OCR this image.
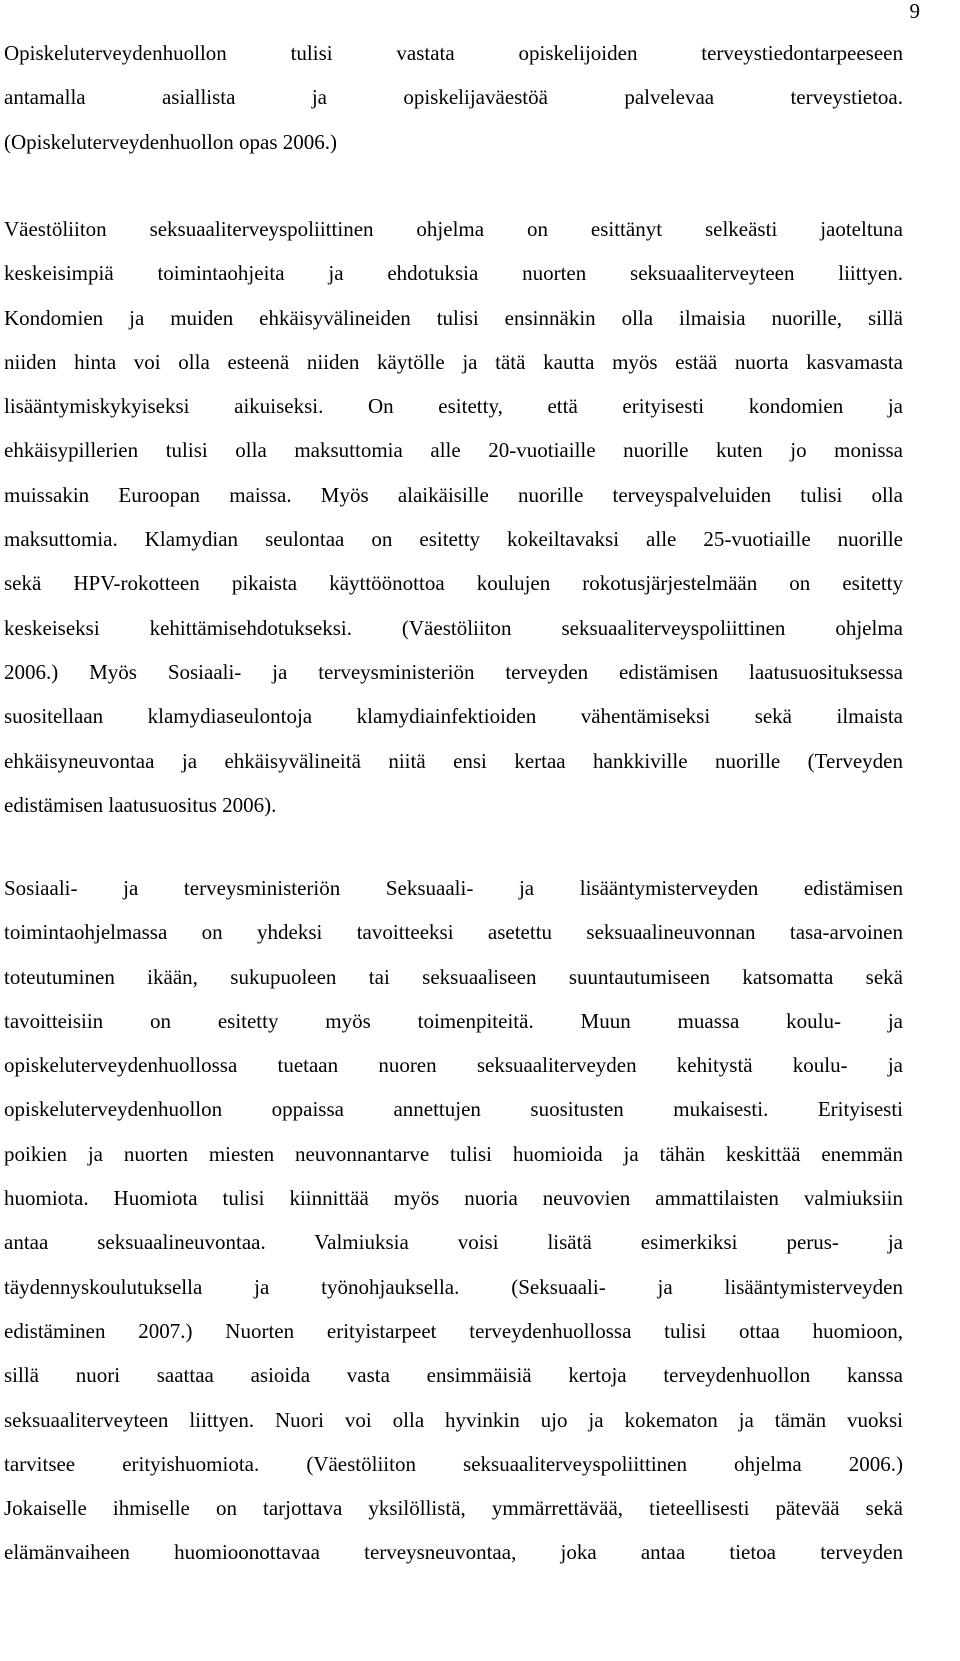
9
Opiskeluterveydenhuollon tulisi vastata opiskelijoiden terveystiedontarpeeseen
antamalla asiallista ja opiskelijaväestöä palvelevaa terveystietoa.
(Opiskeluterveydenhuollon opas 2006.)
Väestöliiton seksuaaliterveyspoliittinen ohjelma on esittänyt selkeästi jaoteltuna
keskeisimpiä toimintaohjeita ja ehdotuksia nuorten seksuaaliterveyteen liittyen.
Kondomien ja muiden ehkäisyvälineiden tulisi ensinnäkin olla ilmaisia nuorille, sillä
niiden hinta voi olla esteenä niiden käytölle ja tätä kautta myös estää nuorta kasvamasta
lisääntymiskykyiseksi aikuiseksi. On esitetty, että erityisesti kondomien ja
ehkäisypillerien tulisi olla maksuttomia alle 20-vuotiaille nuorille kuten jo monissa
muissakin Euroopan maissa. Myös alaikäisille nuorille terveyspalveluiden tulisi olla
maksuttomia. Klamydian seulontaa on esitetty kokeiltavaksi alle 25-vuotiaille nuorille
sekä HPV-rokotteen pikaista käyttöönottoa koulujen rokotusjärjestelmään on esitetty
keskeiseksi kehittämisehdotukseksi. (Väestöliiton seksuaaliterveyspoliittinen ohjelma
2006.) Myös Sosiaali- ja terveysministeriön terveyden edistämisen laatusuosituksessa
suositellaan klamydiaseulontoja klamydiainfektioiden vähentämiseksi sekä ilmaista
ehkäisyneuvontaa ja ehkäisyvälineitä niitä ensi kertaa hankkiville nuorille (Terveyden
edistämisen laatusuositus 2006).
Sosiaali- ja terveysministeriön Seksuaali- ja lisääntymisterveyden edistämisen
toimintaohjelmassa on yhdeksi tavoitteeksi asetettu seksuaalineuvonnan tasa-arvoinen
toteutuminen ikään, sukupuoleen tai seksuaaliseen suuntautumiseen katsomatta sekä
tavoitteisiin on esitetty myös toimenpiteitä. Muun muassa koulu- ja
opiskeluterveydenhuollossa tuetaan nuoren seksuaaliterveyden kehitystä koulu- ja
opiskeluterveydenhuollon oppaissa annettujen suositusten mukaisesti. Erityisesti
poikien ja nuorten miesten neuvonnantarve tulisi huomioida ja tähän keskittää enemmän
huomiota. Huomiota tulisi kiinnittää myös nuoria neuvovien ammattilaisten valmiuksiin
antaa seksuaalineuvontaa. Valmiuksia voisi lisätä esimerkiksi perus- ja
täydennyskoulutuksella ja työnohjauksella. (Seksuaali- ja lisääntymisterveyden
edistäminen 2007.) Nuorten erityistarpeet terveydenhuollossa tulisi ottaa huomioon,
sillä nuori saattaa asioida vasta ensimmäisiä kertoja terveydenhuollon kanssa
seksuaaliterveyteen liittyen. Nuori voi olla hyvinkin ujo ja kokematon ja tämän vuoksi
tarvitsee erityishuomiota. (Väestöliiton seksuaaliterveyspoliittinen ohjelma 2006.)
Jokaiselle ihmiselle on tarjottava yksilöllistä, ymmärrettävää, tieteellisesti pätevää sekä
elämänvaiheen huomioonottavaa terveysneuvontaa, joka antaa tietoa terveyden
